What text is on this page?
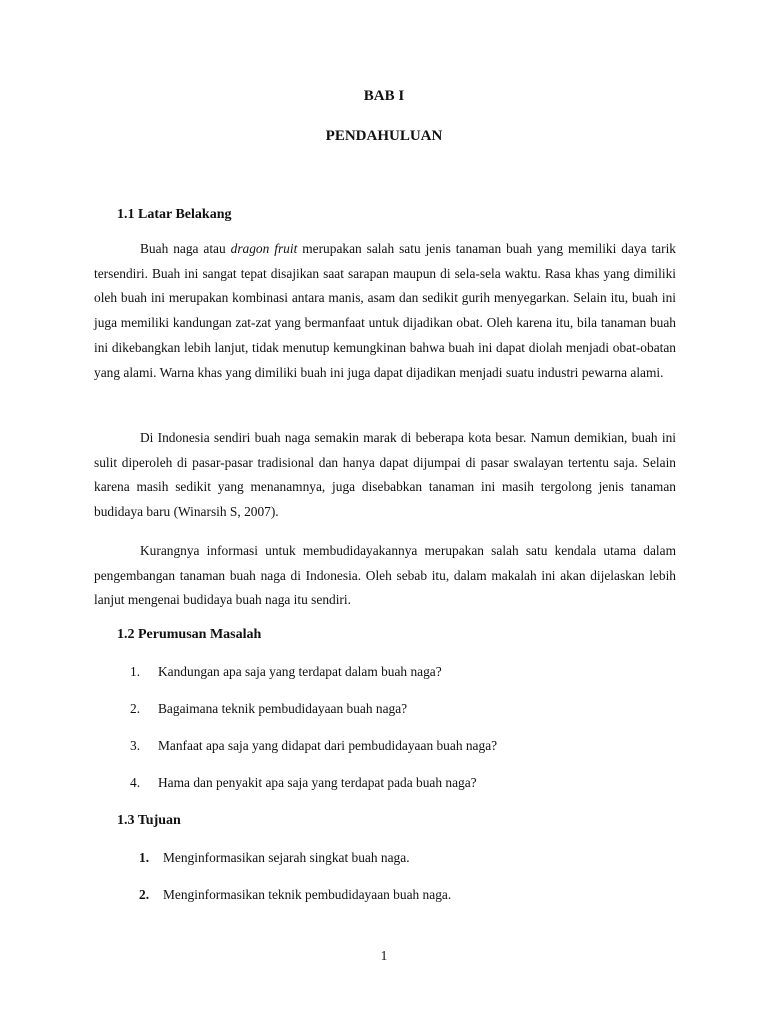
BAB I
PENDAHULUAN
1.1 Latar Belakang

Buah naga atau dragon fruit merupakan salah satu jenis tanaman buah yang memiliki daya tarik tersendiri. Buah ini sangat tepat disajikan saat sarapan maupun di sela-sela waktu. Rasa khas yang dimiliki oleh buah ini merupakan kombinasi antara manis, asam dan sedikit gurih menyegarkan. Selain itu, buah ini juga memiliki kandungan zat-zat yang bermanfaat untuk dijadikan obat. Oleh karena itu, bila tanaman buah ini dikebangkan lebih lanjut, tidak menutup kemungkinan bahwa buah ini dapat diolah menjadi obat-obatan yang alami. Warna khas yang dimiliki buah ini juga dapat dijadikan menjadi suatu industri pewarna alami.

Di Indonesia sendiri buah naga semakin marak di beberapa kota besar. Namun demikian, buah ini sulit diperoleh di pasar-pasar tradisional dan hanya dapat dijumpai di pasar swalayan tertentu saja. Selain karena masih sedikit yang menanamnya, juga disebabkan tanaman ini masih tergolong jenis tanaman budidaya baru (Winarsih S, 2007).

Kurangnya informasi untuk membudidayakannya merupakan salah satu kendala utama dalam pengembangan tanaman buah naga di Indonesia. Oleh sebab itu, dalam makalah ini akan dijelaskan lebih lanjut mengenai budidaya buah naga itu sendiri.

1.2 Perumusan Masalah
1.	Kandungan apa saja yang terdapat dalam buah naga?
2.	Bagaimana teknik pembudidayaan buah naga?
3.	Manfaat apa saja yang didapat dari pembudidayaan buah naga?
4.	Hama dan penyakit apa saja yang terdapat pada buah naga?
1.3 Tujuan
1.	Menginformasikan sejarah singkat buah naga.
2.	Menginformasikan teknik pembudidayaan buah naga.
1
